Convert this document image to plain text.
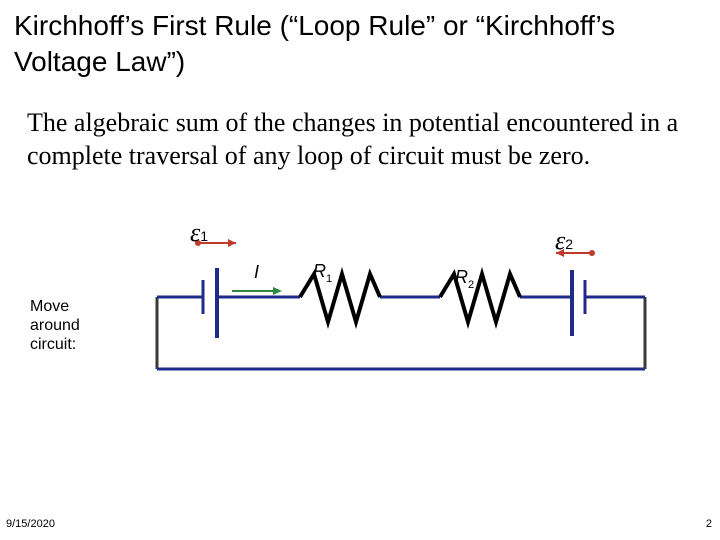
Kirchhoff’s First Rule (“Loop Rule” or “Kirchhoff’s Voltage Law”)

The algebraic sum of the changes in potential encountered in a complete traversal of any loop of circuit must be zero.

Move around circuit:
ε1	ε2
I	$R_1$	$R_2$
9/15/2020	2
